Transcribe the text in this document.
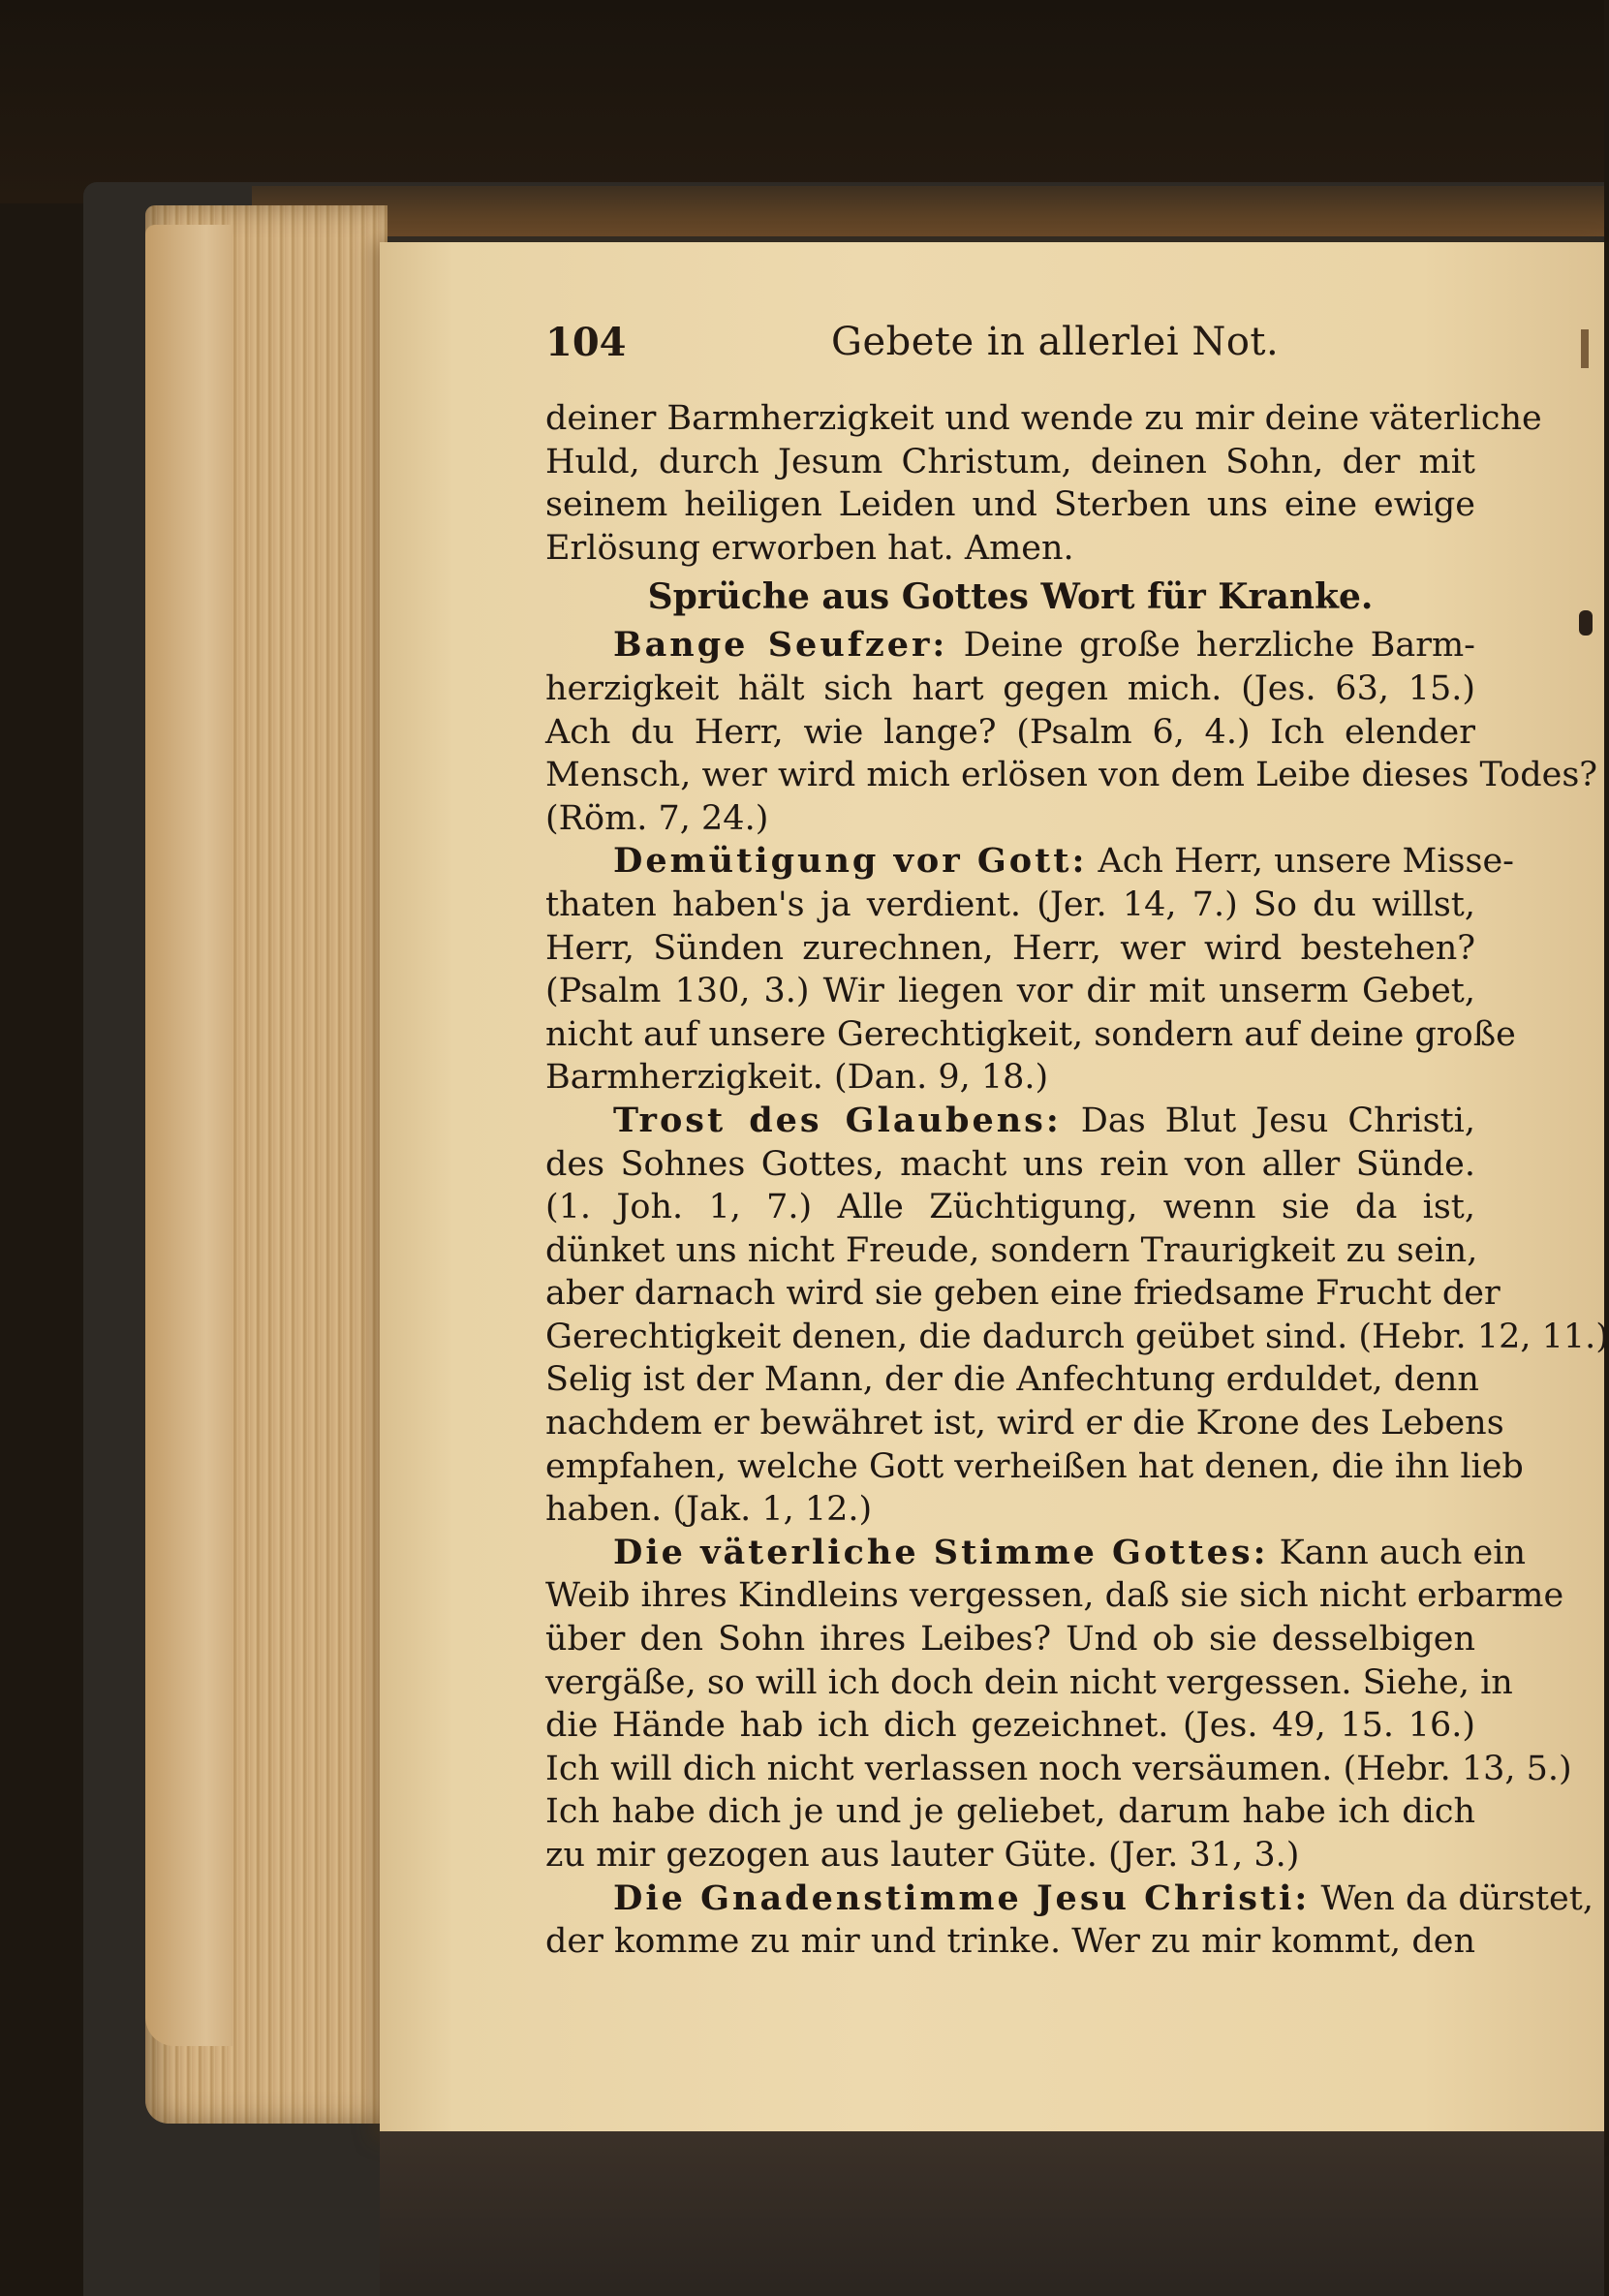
104	Gebete in allerlei Not.
deiner Barmherzigkeit und wende zu mir deine väterliche
Huld, durch Jesum Christum, deinen Sohn, der mit
seinem heiligen Leiden und Sterben uns eine ewige
Erlösung erworben hat. Amen.
Sprüche aus Gottes Wort für Kranke.
Bange Seufzer: Deine große herzliche Barm-
herzigkeit hält sich hart gegen mich. (Jes. 63, 15.)
Ach du Herr, wie lange? (Psalm 6, 4.) Ich elender
Mensch, wer wird mich erlösen von dem Leibe dieses Todes?
(Röm. 7, 24.)
Demütigung vor Gott: Ach Herr, unsere Misse-
thaten haben's ja verdient. (Jer. 14, 7.) So du willst,
Herr, Sünden zurechnen, Herr, wer wird bestehen?
(Psalm 130, 3.) Wir liegen vor dir mit unserm Gebet,
nicht auf unsere Gerechtigkeit, sondern auf deine große
Barmherzigkeit. (Dan. 9, 18.)
Trost des Glaubens: Das Blut Jesu Christi,
des Sohnes Gottes, macht uns rein von aller Sünde.
(1. Joh. 1, 7.) Alle Züchtigung, wenn sie da ist,
dünket uns nicht Freude, sondern Traurigkeit zu sein,
aber darnach wird sie geben eine friedsame Frucht der
Gerechtigkeit denen, die dadurch geübet sind. (Hebr. 12, 11.)
Selig ist der Mann, der die Anfechtung erduldet, denn
nachdem er bewähret ist, wird er die Krone des Lebens
empfahen, welche Gott verheißen hat denen, die ihn lieb
haben. (Jak. 1, 12.)
Die väterliche Stimme Gottes: Kann auch ein
Weib ihres Kindleins vergessen, daß sie sich nicht erbarme
über den Sohn ihres Leibes? Und ob sie desselbigen
vergäße, so will ich doch dein nicht vergessen. Siehe, in
die Hände hab ich dich gezeichnet. (Jes. 49, 15. 16.)
Ich will dich nicht verlassen noch versäumen. (Hebr. 13, 5.)
Ich habe dich je und je geliebet, darum habe ich dich
zu mir gezogen aus lauter Güte. (Jer. 31, 3.)
Die Gnadenstimme Jesu Christi: Wen da dürstet,
der komme zu mir und trinke. Wer zu mir kommt, den
